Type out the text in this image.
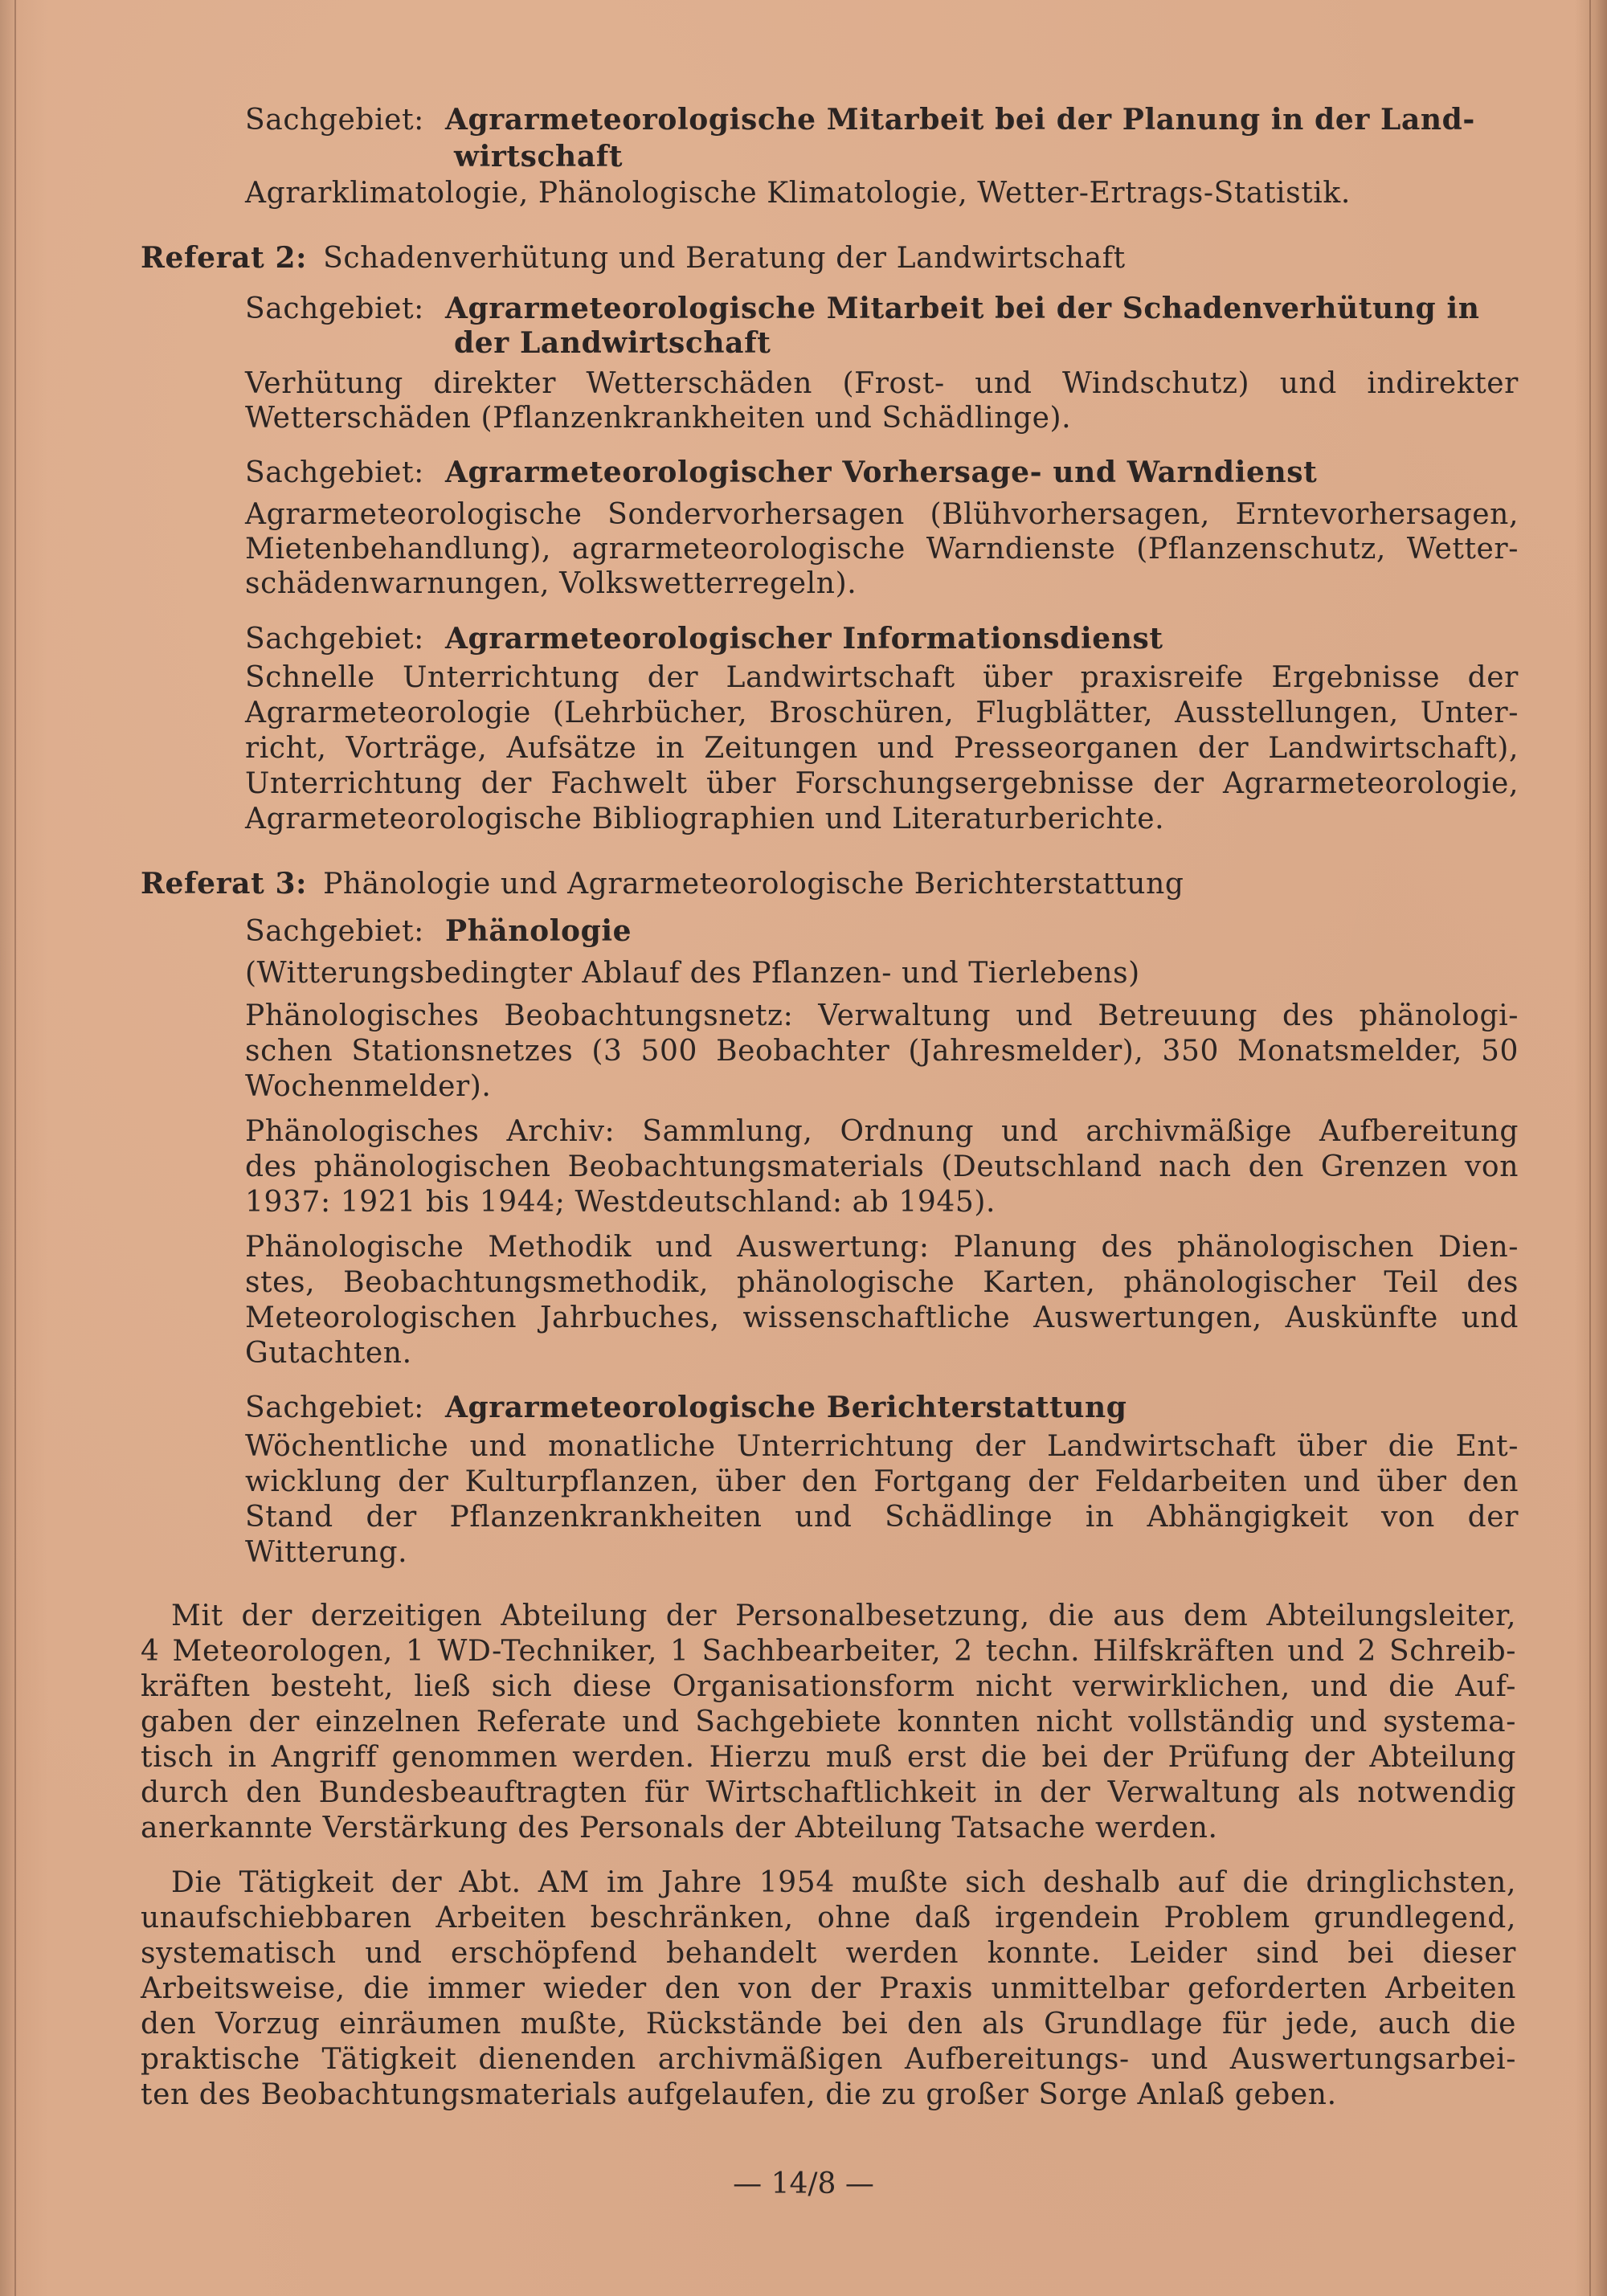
Sachgebiet: Agrarmeteorologische Mitarbeit bei der Planung in der Land-
wirtschaft
Agrarklimatologie, Phänologische Klimatologie, Wetter-Ertrags-Statistik.
Referat 2: Schadenverhütung und Beratung der Landwirtschaft
Sachgebiet: Agrarmeteorologische Mitarbeit bei der Schadenverhütung in
der Landwirtschaft
Verhütung direkter Wetterschäden (Frost- und Windschutz) und indirekter
Wetterschäden (Pflanzenkrankheiten und Schädlinge).
Sachgebiet: Agrarmeteorologischer Vorhersage- und Warndienst
Agrarmeteorologische Sondervorhersagen (Blühvorhersagen, Erntevorhersagen,
Mietenbehandlung), agrarmeteorologische Warndienste (Pflanzenschutz, Wetter-
schädenwarnungen, Volkswetterregeln).
Sachgebiet: Agrarmeteorologischer Informationsdienst
Schnelle Unterrichtung der Landwirtschaft über praxisreife Ergebnisse der
Agrarmeteorologie (Lehrbücher, Broschüren, Flugblätter, Ausstellungen, Unter-
richt, Vorträge, Aufsätze in Zeitungen und Presseorganen der Landwirtschaft),
Unterrichtung der Fachwelt über Forschungsergebnisse der Agrarmeteorologie,
Agrarmeteorologische Bibliographien und Literaturberichte.
Referat 3: Phänologie und Agrarmeteorologische Berichterstattung
Sachgebiet: Phänologie
(Witterungsbedingter Ablauf des Pflanzen- und Tierlebens)
Phänologisches Beobachtungsnetz: Verwaltung und Betreuung des phänologi-
schen Stationsnetzes (3 500 Beobachter (Jahresmelder), 350 Monatsmelder, 50
Wochenmelder).
Phänologisches Archiv: Sammlung, Ordnung und archivmäßige Aufbereitung
des phänologischen Beobachtungsmaterials (Deutschland nach den Grenzen von
1937: 1921 bis 1944; Westdeutschland: ab 1945).
Phänologische Methodik und Auswertung: Planung des phänologischen Dien-
stes, Beobachtungsmethodik, phänologische Karten, phänologischer Teil des
Meteorologischen Jahrbuches, wissenschaftliche Auswertungen, Auskünfte und
Gutachten.
Sachgebiet: Agrarmeteorologische Berichterstattung
Wöchentliche und monatliche Unterrichtung der Landwirtschaft über die Ent-
wicklung der Kulturpflanzen, über den Fortgang der Feldarbeiten und über den
Stand der Pflanzenkrankheiten und Schädlinge in Abhängigkeit von der
Witterung.
Mit der derzeitigen Abteilung der Personalbesetzung, die aus dem Abteilungsleiter,
4 Meteorologen, 1 WD-Techniker, 1 Sachbearbeiter, 2 techn. Hilfskräften und 2 Schreib-
kräften besteht, ließ sich diese Organisationsform nicht verwirklichen, und die Auf-
gaben der einzelnen Referate und Sachgebiete konnten nicht vollständig und systema-
tisch in Angriff genommen werden. Hierzu muß erst die bei der Prüfung der Abteilung
durch den Bundesbeauftragten für Wirtschaftlichkeit in der Verwaltung als notwendig
anerkannte Verstärkung des Personals der Abteilung Tatsache werden.
Die Tätigkeit der Abt. AM im Jahre 1954 mußte sich deshalb auf die dringlichsten,
unaufschiebbaren Arbeiten beschränken, ohne daß irgendein Problem grundlegend,
systematisch und erschöpfend behandelt werden konnte. Leider sind bei dieser
Arbeitsweise, die immer wieder den von der Praxis unmittelbar geforderten Arbeiten
den Vorzug einräumen mußte, Rückstände bei den als Grundlage für jede, auch die
praktische Tätigkeit dienenden archivmäßigen Aufbereitungs- und Auswertungsarbei-
ten des Beobachtungsmaterials aufgelaufen, die zu großer Sorge Anlaß geben.
— 14/8 —
